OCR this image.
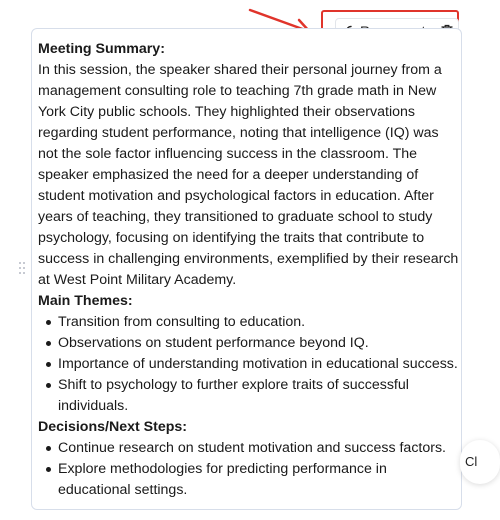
Meeting Summary:

In this session, the speaker shared their personal journey from a management consulting role to teaching 7th grade math in New York City public schools. They highlighted their observations regarding student performance, noting that intelligence (IQ) was not the sole factor influencing success in the classroom. The speaker emphasized the need for a deeper understanding of student motivation and psychological factors in education. After years of teaching, they transitioned to graduate school to study psychology, focusing on identifying the traits that contribute to success in challenging environments, exemplified by their research at West Point Military Academy.

Main Themes:

Transition from consulting to education.
Observations on student performance beyond IQ.
Importance of understanding motivation in educational success.
Shift to psychology to further explore traits of successful individuals.

Decisions/Next Steps:

Continue research on student motivation and success factors.
Explore methodologies for predicting performance in educational settings.
Cl
